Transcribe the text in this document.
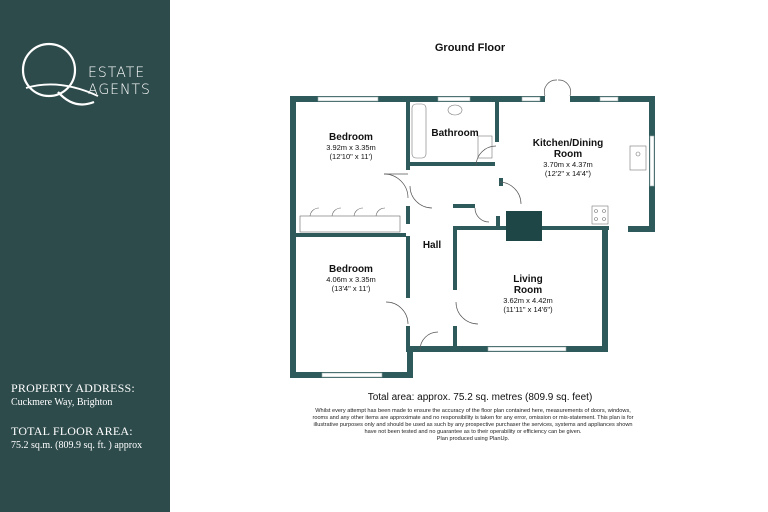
ESTATE
AGENTS
PROPERTY ADDRESS:
Cuckmere Way, Brighton
TOTAL FLOOR AREA:
75.2 sq.m. (809.9 sq. ft. ) approx
Ground Floor
Bedroom
3.92m x 3.35m
(12'10" x 11')
Bathroom
Kitchen/Dining
Room
3.70m x 4.37m
(12'2" x 14'4")
Hall
Bedroom
4.06m x 3.35m
(13'4" x 11')
Living
Room
3.62m x 4.42m
(11'11" x 14'6")
Total area: approx. 75.2 sq. metres (809.9 sq. feet)
Whilst every attempt has been made to ensure the accuracy of the floor plan contained here, measurements of doors, windows,
rooms and any other items are approximate and no responsibility is taken for any error, omission or mis-statement. This plan is for
illustrative purposes only and should be used as such by any prospective purchaser the services, systems and appliances shown
have not been tested and no guarantee as to their operability or efficiency can be given.
Plan produced using PlanUp.
